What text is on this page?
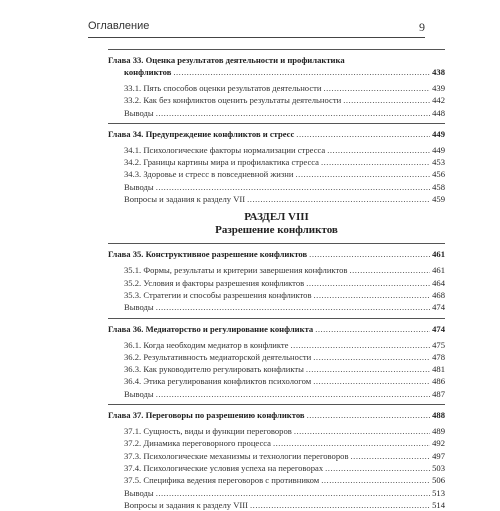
Оглавление	9
Глава 33. Оценка результатов деятельности и профилактика
конфликтов .....	438
33.1. Пять способов оценки результатов деятельности .....	439
33.2. Как без конфликтов оценить результаты деятельности .....	442
Выводы .....	448
Глава 34. Предупреждение конфликтов и стресс .....	449
34.1. Психологические факторы нормализации стресса .....	449
34.2. Границы картины мира и профилактика стресса .....	453
34.3. Здоровье и стресс в повседневной жизни .....	456
Выводы .....	458
Вопросы и задания к разделу VII .....	459
РАЗДЕЛ VIII
Разрешение конфликтов
Глава 35. Конструктивное разрешение конфликтов .....	461
35.1. Формы, результаты и критерии завершения конфликтов .....	461
35.2. Условия и факторы разрешения конфликтов .....	464
35.3. Стратегии и способы разрешения конфликтов .....	468
Выводы .....	474
Глава 36. Медиаторство и регулирование конфликта .....	474
36.1. Когда необходим медиатор в конфликте .....	475
36.2. Результативность медиаторской деятельности .....	478
36.3. Как руководителю регулировать конфликты .....	481
36.4. Этика регулирования конфликтов психологом .....	486
Выводы .....	487
Глава 37. Переговоры по разрешению конфликтов .....	488
37.1. Сущность, виды и функции переговоров .....	489
37.2. Динамика переговорного процесса .....	492
37.3. Психологические механизмы и технологии переговоров .....	497
37.4. Психологические условия успеха на переговорах .....	503
37.5. Специфика ведения переговоров с противником .....	506
Выводы .....	513
Вопросы и задания к разделу VIII .....	514
